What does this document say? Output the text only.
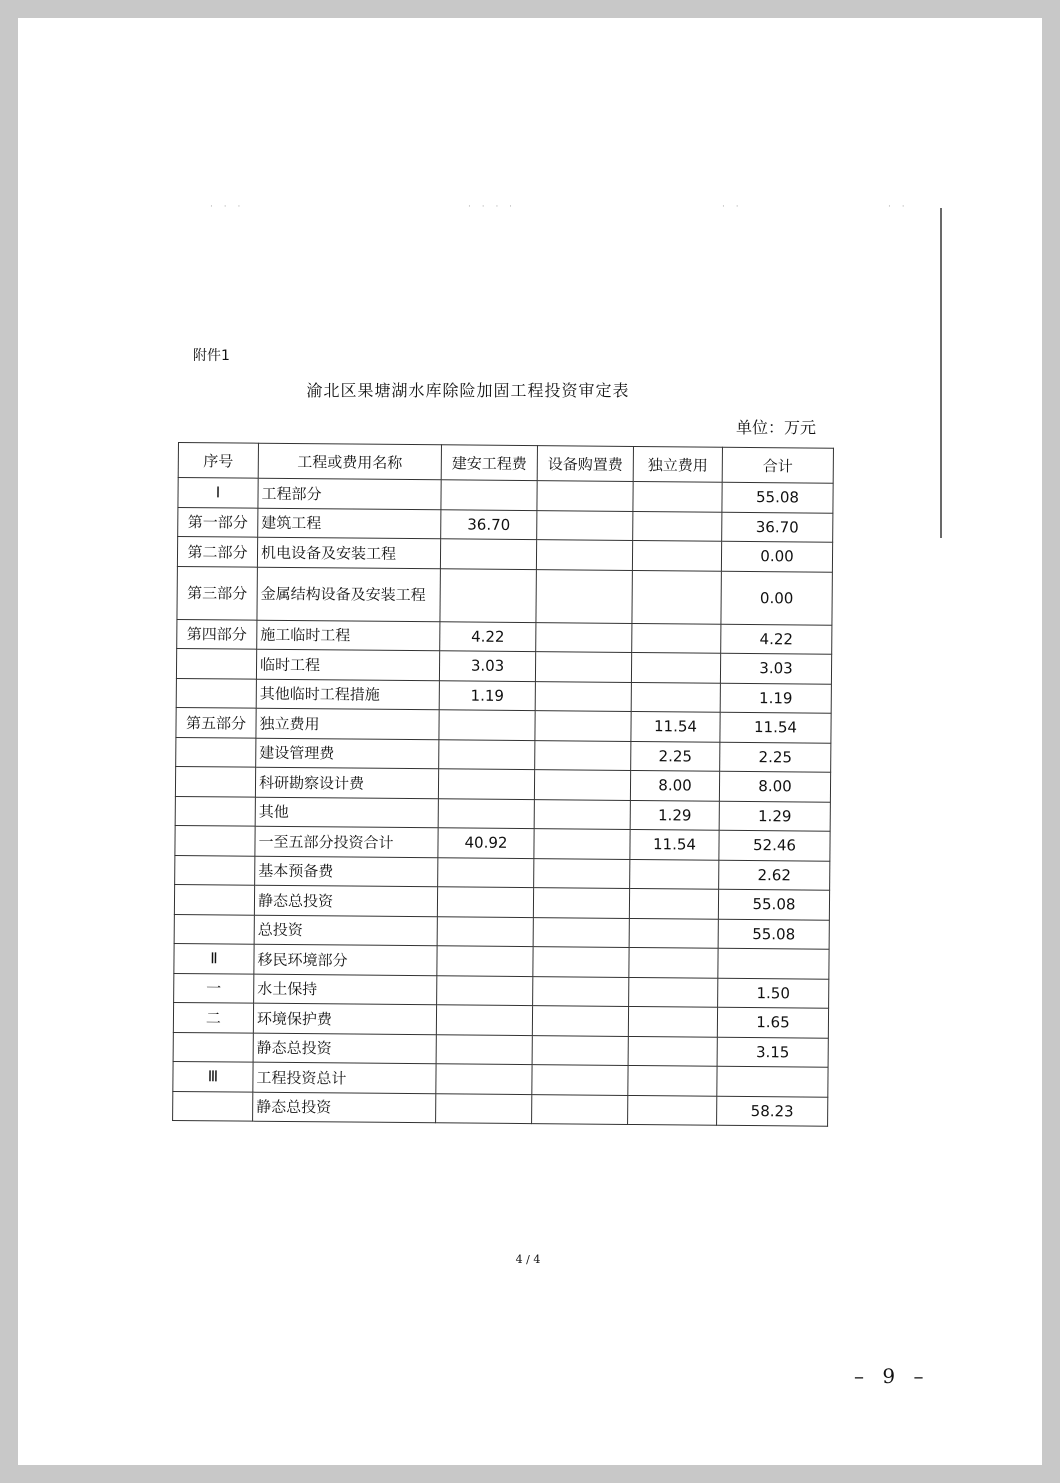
· · ·	· · · ·	· ·	· ·
附件1
渝北区果塘湖水库除险加固工程投资审定表
单位：万元
序号	工程或费用名称	建安工程费	设备购置费	独立费用	合计
Ⅰ	工程部分				55.08
第一部分	建筑工程	36.70			36.70
第二部分	机电设备及安装工程				0.00
第三部分	金属结构设备及安装工程				0.00
第四部分	施工临时工程	4.22			4.22
	临时工程	3.03			3.03
	其他临时工程措施	1.19			1.19
第五部分	独立费用			11.54	11.54
	建设管理费			2.25	2.25
	科研勘察设计费			8.00	8.00
	其他			1.29	1.29
	一至五部分投资合计	40.92		11.54	52.46
	基本预备费				2.62
	静态总投资				55.08
	总投资				55.08
Ⅱ	移民环境部分				
一	水土保持				1.50
二	环境保护费				1.65
	静态总投资				3.15
Ⅲ	工程投资总计				
	静态总投资				58.23
4 / 4
– 9 –
